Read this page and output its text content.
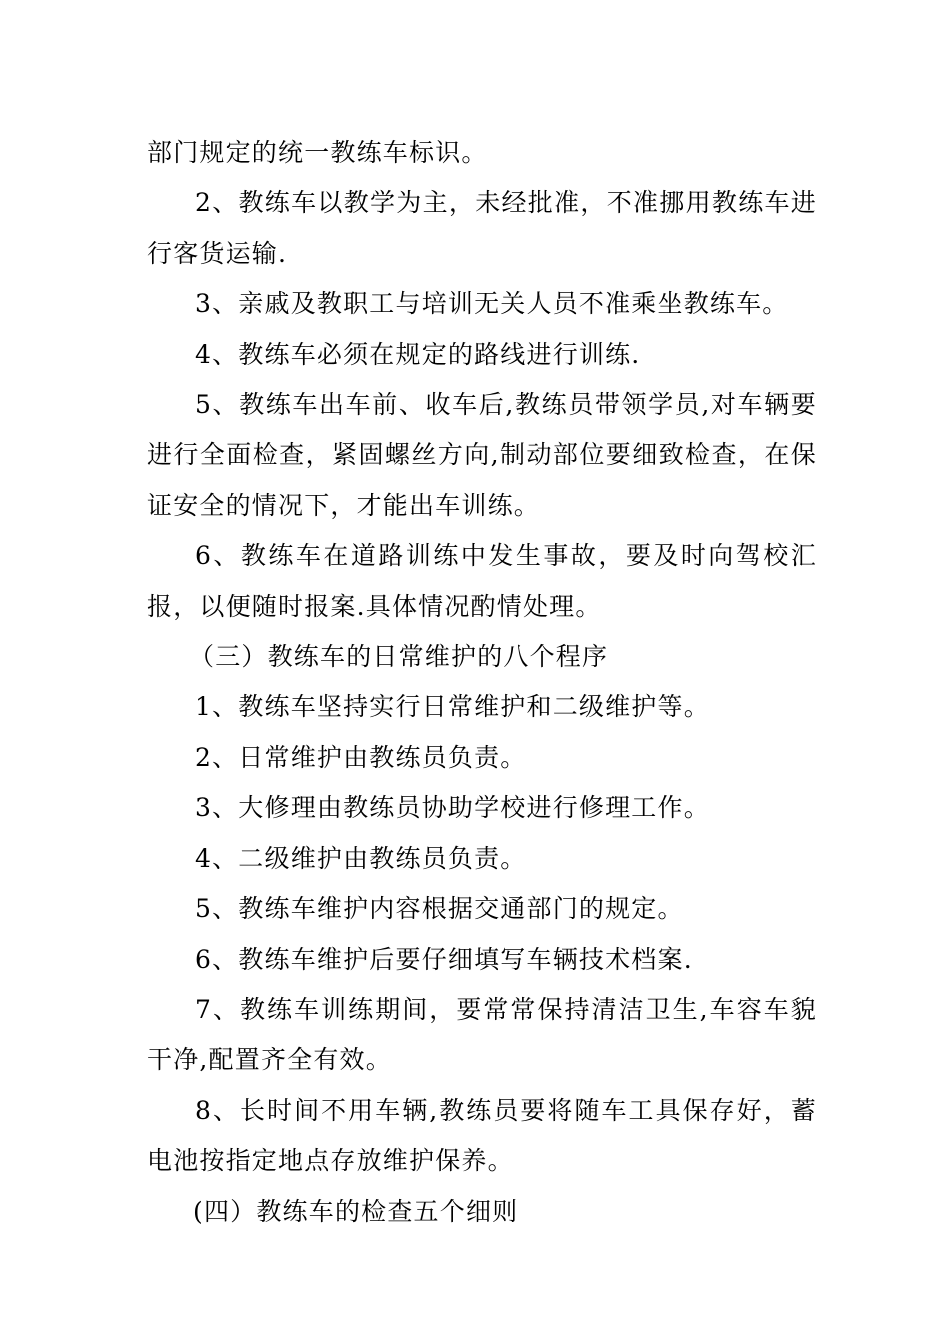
部门规定的统一教练车标识。

2、教练车以教学为主，未经批准，不准挪用教练车进行客货运输.

3、亲戚及教职工与培训无关人员不准乘坐教练车。

4、教练车必须在规定的路线进行训练.

5、教练车出车前、收车后,教练员带领学员,对车辆要进行全面检查，紧固螺丝方向,制动部位要细致检查，在保证安全的情况下，才能出车训练。

6、教练车在道路训练中发生事故，要及时向驾校汇报，以便随时报案.具体情况酌情处理。

（三）教练车的日常维护的八个程序

1、教练车坚持实行日常维护和二级维护等。

2、日常维护由教练员负责。

3、大修理由教练员协助学校进行修理工作。

4、二级维护由教练员负责。

5、教练车维护内容根据交通部门的规定。

6、教练车维护后要仔细填写车辆技术档案.

7、教练车训练期间，要常常保持清洁卫生,车容车貌干净,配置齐全有效。

8、长时间不用车辆,教练员要将随车工具保存好，蓄电池按指定地点存放维护保养。

(四）教练车的检查五个细则
